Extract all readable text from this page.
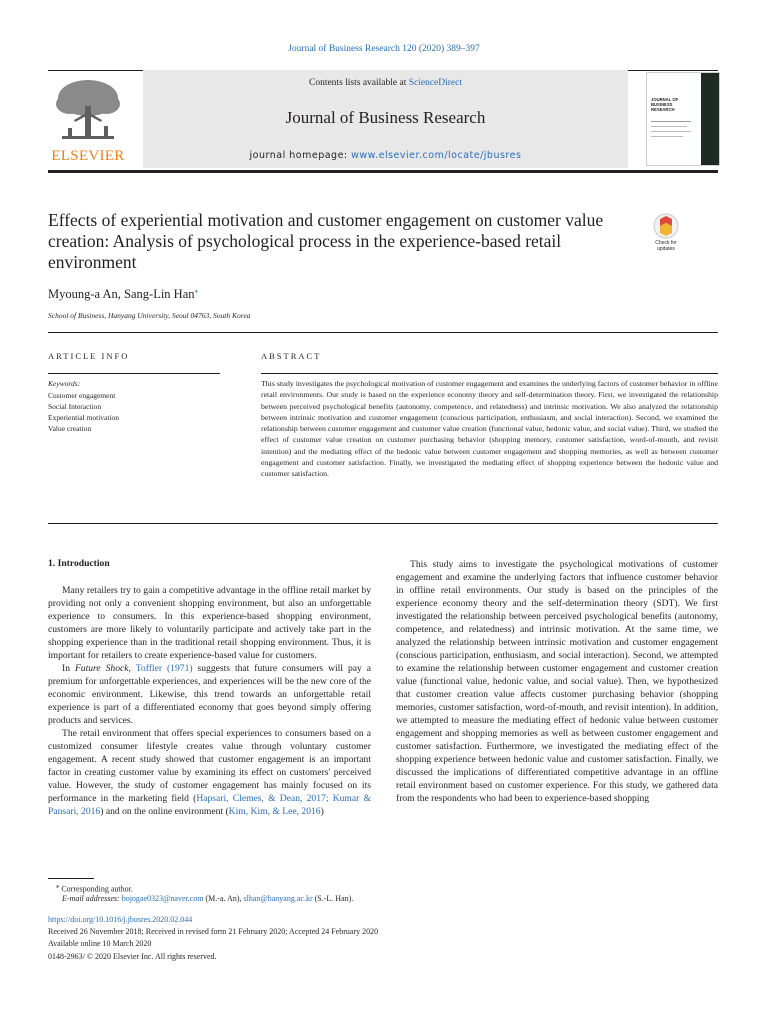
Journal of Business Research 120 (2020) 389–397
Contents lists available at ScienceDirect
Journal of Business Research
journal homepage: www.elsevier.com/locate/jbusres
ELSEVIER
JOURNAL OF BUSINESS RESEARCH
Effects of experiential motivation and customer engagement on customer value creation: Analysis of psychological process in the experience-based retail environment
Check for updates
Myoung-a An, Sang-Lin Han⁎
School of Business, Hanyang University, Seoul 04763, South Korea
ARTICLE INFO
Keywords:
Customer engagement
Social Interaction
Experiential motivation
Value creation
ABSTRACT
This study investigates the psychological motivation of customer engagement and examines the underlying factors of customer behavior in offline retail environments. Our study is based on the experience economy theory and self-determination theory. First, we investigated the relationship between perceived psychological benefits (autonomy, competence, and relatedness) and intrinsic motivation. We also analyzed the relationship between intrinsic motivation and customer engagement (conscious participation, enthusiasm, and social interaction). Second, we examined the relationship between customer engagement and customer value creation (functional value, hedonic value, and social value). Third, we studied the effect of customer value creation on customer purchasing behavior (shopping memory, customer satisfaction, word-of-mouth, and revisit intention) and the mediating effect of the hedonic value between customer engagement and shopping memories, as well as between customer engagement and customer satisfaction. Finally, we investigated the mediating effect of shopping experience between the hedonic value and customer satisfaction.
1. Introduction

Many retailers try to gain a competitive advantage in the offline retail market by providing not only a convenient shopping environment, but also an unforgettable experience to consumers. In this experience-based shopping environment, customers are more likely to voluntarily participate and actively take part in the shopping experience than in the traditional retail shopping environment. Thus, it is important for retailers to create experience-based value for customers.

In Future Shock, Toffler (1971) suggests that future consumers will pay a premium for unforgettable experiences, and experiences will be the new core of the economic environment. Likewise, this trend towards an unforgettable retail experience is part of a differentiated economy that goes beyond simply offering products and services.

The retail environment that offers special experiences to consumers based on a customized consumer lifestyle creates value through voluntary customer engagement. A recent study showed that customer engagement is an important factor in creating customer value by examining its effect on customers' perceived value. However, the study of customer engagement has mainly focused on its performance in the marketing field (Hapsari, Clemes, & Dean, 2017; Kumar & Pansari, 2016) and on the online environment (Kim, Kim, & Lee, 2016)

This study aims to investigate the psychological motivations of customer engagement and examine the underlying factors that influence customer behavior in offline retail environments. Our study is based on the principles of the experience economy theory and the self-determination theory (SDT). We first investigated the relationship between perceived psychological benefits (autonomy, competence, and relatedness) and intrinsic motivation. At the same time, we analyzed the relationship between intrinsic motivation and customer engagement (conscious participation, enthusiasm, and social interaction). Second, we attempted to examine the relationship between customer engagement and customer creation value (functional value, hedonic value, and social value). Then, we hypothesized that customer creation value affects customer purchasing behavior (shopping memories, customer satisfaction, word-of-mouth, and revisit intention). In addition, we attempted to measure the mediating effect of hedonic value between customer engagement and shopping memories as well as between customer engagement and customer satisfaction. Furthermore, we investigated the mediating effect of the shopping experience between hedonic value and customer satisfaction. Finally, we discussed the implications of differentiated competitive advantage in an offline retail environment based on customer experience. For this study, we gathered data from the respondents who had been to experience-based shopping

⁎ Corresponding author.
E-mail addresses: bojogae0323@naver.com (M.-a. An), slhan@hanyang.ac.kr (S.-L. Han).
https://doi.org/10.1016/j.jbusres.2020.02.044
Received 26 November 2018; Received in revised form 21 February 2020; Accepted 24 February 2020
Available online 10 March 2020
0148-2963/ © 2020 Elsevier Inc. All rights reserved.
